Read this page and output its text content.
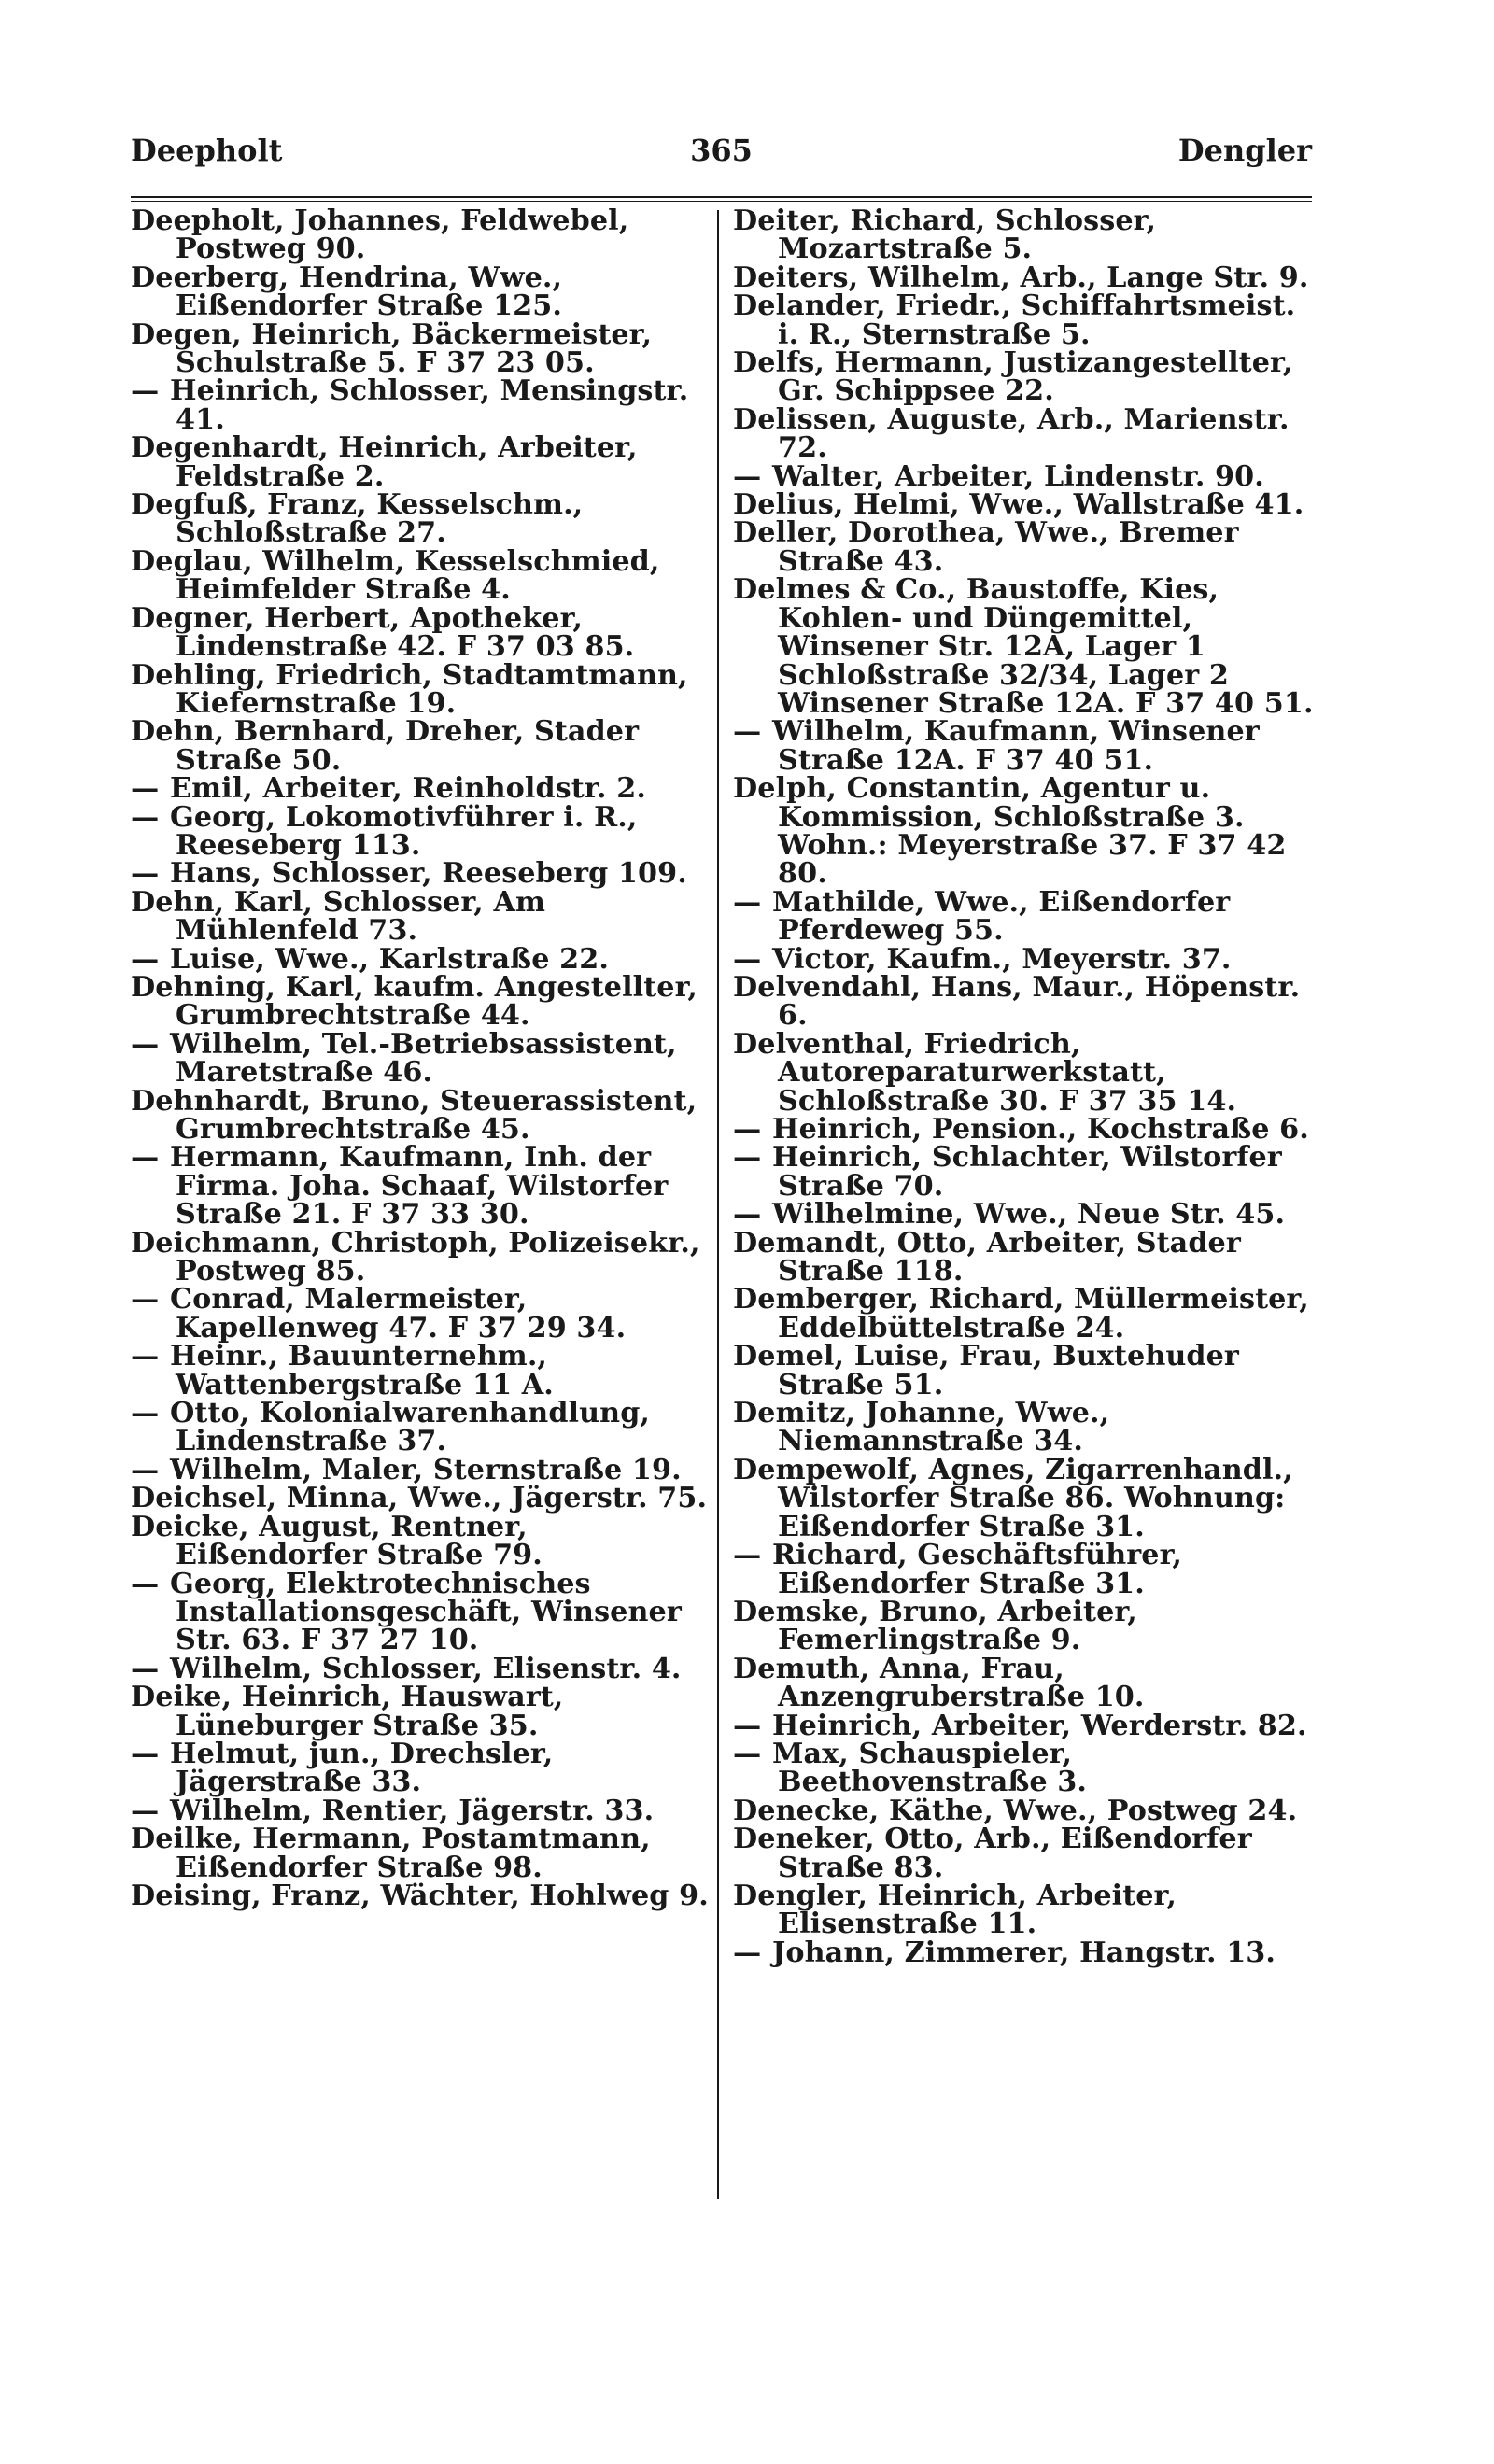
Deepholt	365	Dengler
Deepholt, Johannes, Feldwebel, Postweg 90.
Deerberg, Hendrina, Wwe., Eißendorfer Straße 125.
Degen, Heinrich, Bäckermeister, Schulstraße 5. F 37 23 05.
— Heinrich, Schlosser, Mensingstr. 41.
Degenhardt, Heinrich, Arbeiter, Feldstraße 2.
Degfuß, Franz, Kesselschm., Schloßstraße 27.
Deglau, Wilhelm, Kesselschmied, Heimfelder Straße 4.
Degner, Herbert, Apotheker, Lindenstraße 42. F 37 03 85.
Dehling, Friedrich, Stadtamtmann, Kiefernstraße 19.
Dehn, Bernhard, Dreher, Stader Straße 50.
— Emil, Arbeiter, Reinholdstr. 2.
— Georg, Lokomotivführer i. R., Reeseberg 113.
— Hans, Schlosser, Reeseberg 109.
Dehn, Karl, Schlosser, Am Mühlenfeld 73.
— Luise, Wwe., Karlstraße 22.
Dehning, Karl, kaufm. Angestellter, Grumbrechtstraße 44.
— Wilhelm, Tel.-Betriebsassistent, Maretstraße 46.
Dehnhardt, Bruno, Steuerassistent, Grumbrechtstraße 45.
— Hermann, Kaufmann, Inh. der Firma. Joha. Schaaf, Wilstorfer Straße 21. F 37 33 30.
Deichmann, Christoph, Polizeisekr., Postweg 85.
— Conrad, Malermeister, Kapellenweg 47. F 37 29 34.
— Heinr., Bauunternehm., Wattenbergstraße 11 A.
— Otto, Kolonialwarenhandlung, Lindenstraße 37.
— Wilhelm, Maler, Sternstraße 19.
Deichsel, Minna, Wwe., Jägerstr. 75.
Deicke, August, Rentner, Eißendorfer Straße 79.
— Georg, Elektrotechnisches Installationsgeschäft, Winsener Str. 63. F 37 27 10.
— Wilhelm, Schlosser, Elisenstr. 4.
Deike, Heinrich, Hauswart, Lüneburger Straße 35.
— Helmut, jun., Drechsler, Jägerstraße 33.
— Wilhelm, Rentier, Jägerstr. 33.
Deilke, Hermann, Postamtmann, Eißendorfer Straße 98.
Deising, Franz, Wächter, Hohlweg 9.
Deiter, Richard, Schlosser, Mozartstraße 5.
Deiters, Wilhelm, Arb., Lange Str. 9.
Delander, Friedr., Schiffahrtsmeist. i. R., Sternstraße 5.
Delfs, Hermann, Justizangestellter, Gr. Schippsee 22.
Delissen, Auguste, Arb., Marienstr. 72.
— Walter, Arbeiter, Lindenstr. 90.
Delius, Helmi, Wwe., Wallstraße 41.
Deller, Dorothea, Wwe., Bremer Straße 43.
Delmes & Co., Baustoffe, Kies, Kohlen- und Düngemittel, Winsener Str. 12A, Lager 1 Schloßstraße 32/34, Lager 2 Winsener Straße 12A. F 37 40 51.
— Wilhelm, Kaufmann, Winsener Straße 12A. F 37 40 51.
Delph, Constantin, Agentur u. Kommission, Schloßstraße 3. Wohn.: Meyerstraße 37. F 37 42 80.
— Mathilde, Wwe., Eißendorfer Pferdeweg 55.
— Victor, Kaufm., Meyerstr. 37.
Delvendahl, Hans, Maur., Höpenstr. 6.
Delventhal, Friedrich, Autoreparaturwerkstatt, Schloßstraße 30. F 37 35 14.
— Heinrich, Pension., Kochstraße 6.
— Heinrich, Schlachter, Wilstorfer Straße 70.
— Wilhelmine, Wwe., Neue Str. 45.
Demandt, Otto, Arbeiter, Stader Straße 118.
Demberger, Richard, Müllermeister, Eddelbüttelstraße 24.
Demel, Luise, Frau, Buxtehuder Straße 51.
Demitz, Johanne, Wwe., Niemannstraße 34.
Dempewolf, Agnes, Zigarrenhandl., Wilstorfer Straße 86. Wohnung: Eißendorfer Straße 31.
— Richard, Geschäftsführer, Eißendorfer Straße 31.
Demske, Bruno, Arbeiter, Femerlingstraße 9.
Demuth, Anna, Frau, Anzengruberstraße 10.
— Heinrich, Arbeiter, Werderstr. 82.
— Max, Schauspieler, Beethovenstraße 3.
Denecke, Käthe, Wwe., Postweg 24.
Deneker, Otto, Arb., Eißendorfer Straße 83.
Dengler, Heinrich, Arbeiter, Elisenstraße 11.
— Johann, Zimmerer, Hangstr. 13.
